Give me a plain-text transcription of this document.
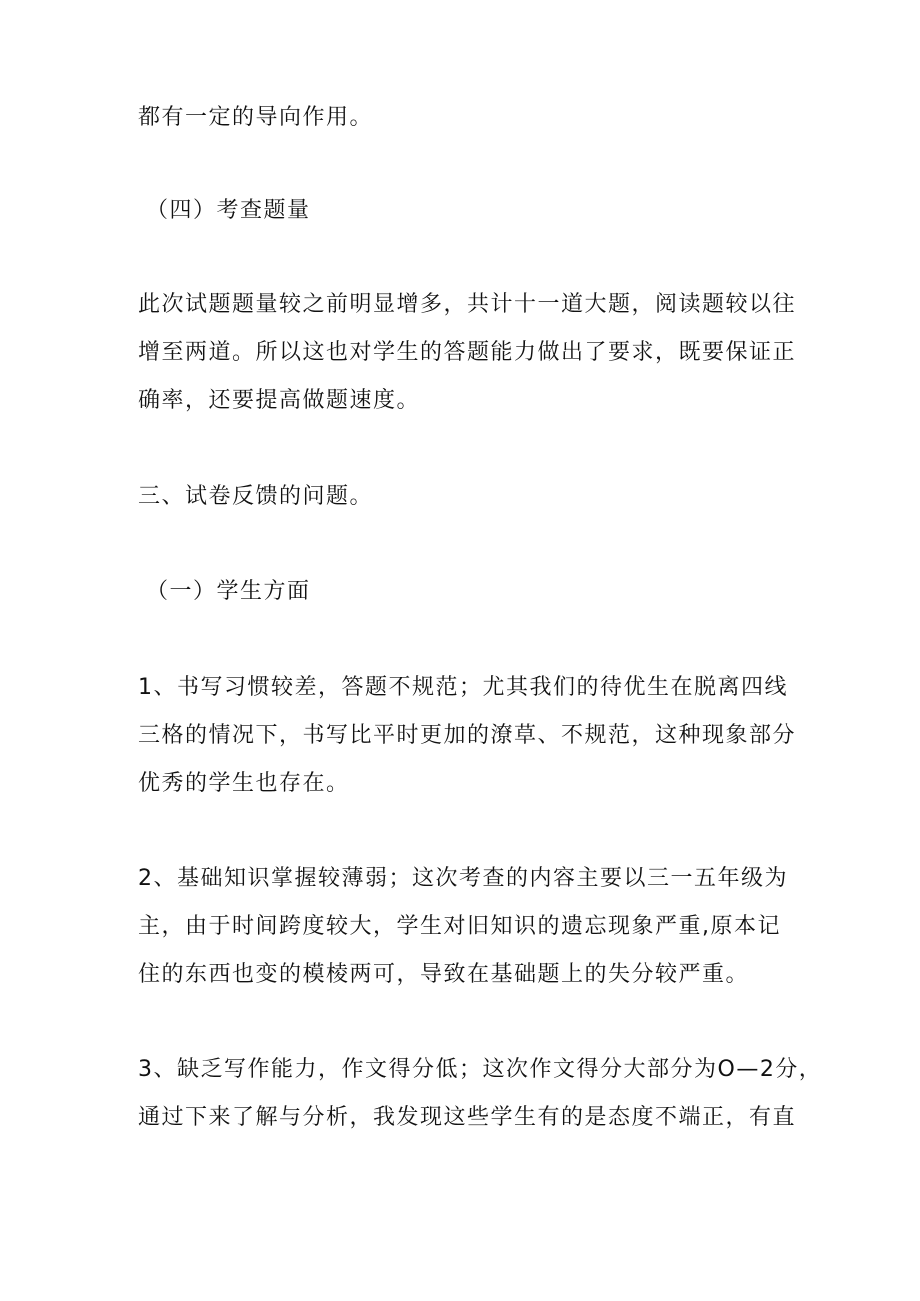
都有一定的导向作用。

（四）考查题量

此次试题题量较之前明显增多，共计十一道大题，阅读题较以往

增至两道。所以这也对学生的答题能力做出了要求，既要保证正

确率，还要提高做题速度。

三、试卷反馈的问题。

（一）学生方面

1、书写习惯较差，答题不规范；尤其我们的待优生在脱离四线

三格的情况下，书写比平时更加的潦草、不规范，这种现象部分

优秀的学生也存在。

2、基础知识掌握较薄弱；这次考查的内容主要以三一五年级为

主，由于时间跨度较大，学生对旧知识的遗忘现象严重,原本记

住的东西也变的模棱两可，导致在基础题上的失分较严重。

3、缺乏写作能力，作文得分低；这次作文得分大部分为O—2分，

通过下来了解与分析，我发现这些学生有的是态度不端正，有直
